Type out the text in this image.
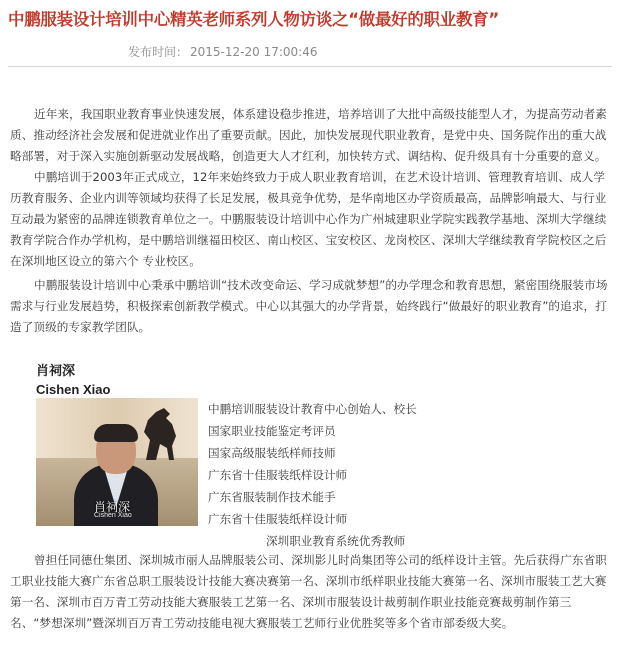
中鹏服装设计培训中心精英老师系列人物访谈之“做最好的职业教育”
发布时间： 2015-12-20 17:00:46

近年来，我国职业教育事业快速发展，体系建设稳步推进，培养培训了大批中高级技能型人才，为提高劳动者素质、推动经济社会发展和促进就业作出了重要贡献。因此，加快发展现代职业教育，是党中央、国务院作出的重大战略部署，对于深入实施创新驱动发展战略，创造更大人才红利，加快转方式、调结构、促升级具有十分重要的意义。

中鹏培训于2003年正式成立，12年来始终致力于成人职业教育培训，在艺术设计培训、管理教育培训、成人学历教育服务、企业内训等领域均获得了长足发展，极具竞争优势，是华南地区办学资质最高，品牌影响最大、与行业互动最为紧密的品牌连锁教育单位之一。中鹏服装设计培训中心作为广州城建职业学院实践教学基地、深圳大学继续教育学院合作办学机构，是中鹏培训继福田校区、南山校区、宝安校区、龙岗校区、深圳大学继续教育学院校区之后在深圳地区设立的第六个 专业校区。

中鹏服装设计培训中心秉承中鹏培训“技术改变命运、学习成就梦想”的办学理念和教育思想，紧密围绕服装市场需求与行业发展趋势，积极探索创新教学模式。中心以其强大的办学背景，始终践行“做最好的职业教育”的追求，打造了顶级的专家教学团队。

肖祠深
Cishen Xiao
肖祠深
Cishen Xiao
中鹏培训服装设计教育中心创始人、校长
国家职业技能鉴定考评员
国家高级服装纸样师技师
广东省十佳服装纸样设计师
广东省服装制作技术能手
广东省十佳服装纸样设计师
深圳职业教育系统优秀教师

曾担任同德仕集团、深圳城市丽人品牌服装公司、深圳影儿时尚集团等公司的纸样设计主管。先后获得广东省职工职业技能大赛广东省总职工服装设计技能大赛决赛第一名、深圳市纸样职业技能大赛第一名、深圳市服装工艺大赛第一名、深圳市百万青工劳动技能大赛服装工艺第一名、深圳市服装设计裁剪制作职业技能竞赛裁剪制作第三名、“梦想深圳”暨深圳百万青工劳动技能电视大赛服装工艺师行业优胜奖等多个省市部委级大奖。
